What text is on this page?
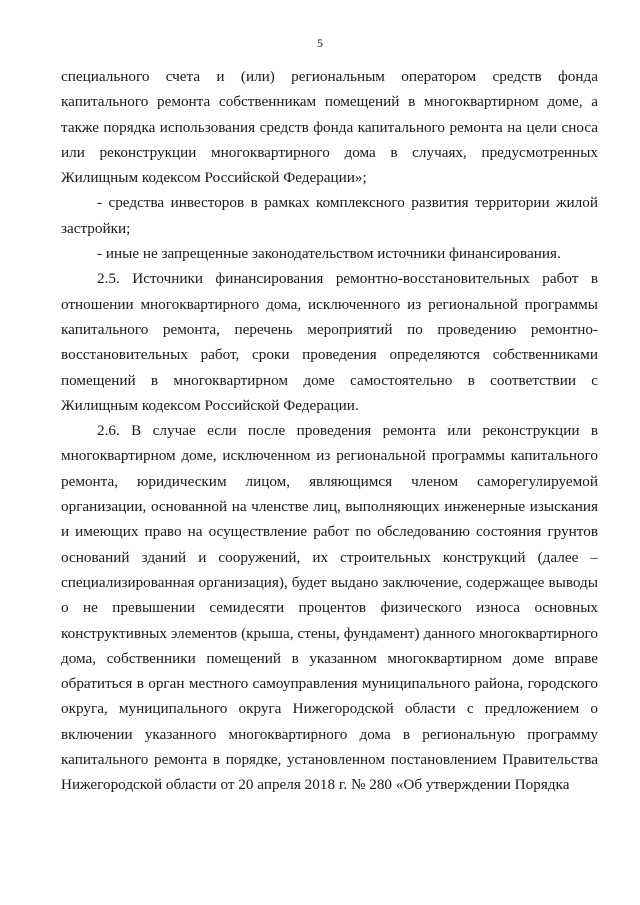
5

специального счета и (или) региональным оператором средств фонда капитального ремонта собственникам помещений в многоквартирном доме, а также порядка использования средств фонда капитального ремонта на цели сноса или реконструкции многоквартирного дома в случаях, предусмотренных Жилищным кодексом Российской Федерации»;

- средства инвесторов в рамках комплексного развития территории жилой застройки;

- иные не запрещенные законодательством источники финансирования.

2.5. Источники финансирования ремонтно-восстановительных работ в отношении многоквартирного дома, исключенного из региональной программы капитального ремонта, перечень мероприятий по проведению ремонтно-восстановительных работ, сроки проведения определяются собственниками помещений в многоквартирном доме самостоятельно в соответствии с Жилищным кодексом Российской Федерации.

2.6. В случае если после проведения ремонта или реконструкции в многоквартирном доме, исключенном из региональной программы капитального ремонта, юридическим лицом, являющимся членом саморегулируемой организации, основанной на членстве лиц, выполняющих инженерные изыскания и имеющих право на осуществление работ по обследованию состояния грунтов оснований зданий и сооружений, их строительных конструкций (далее – специализированная организация), будет выдано заключение, содержащее выводы о не превышении семидесяти процентов физического износа основных конструктивных элементов (крыша, стены, фундамент) данного многоквартирного дома, собственники помещений в указанном многоквартирном доме вправе обратиться в орган местного самоуправления муниципального района, городского округа, муниципального округа Нижегородской области с предложением о включении указанного многоквартирного дома в региональную программу капитального ремонта в порядке, установленном постановлением Правительства Нижегородской области от 20 апреля 2018 г. № 280 «Об утверждении Порядка
